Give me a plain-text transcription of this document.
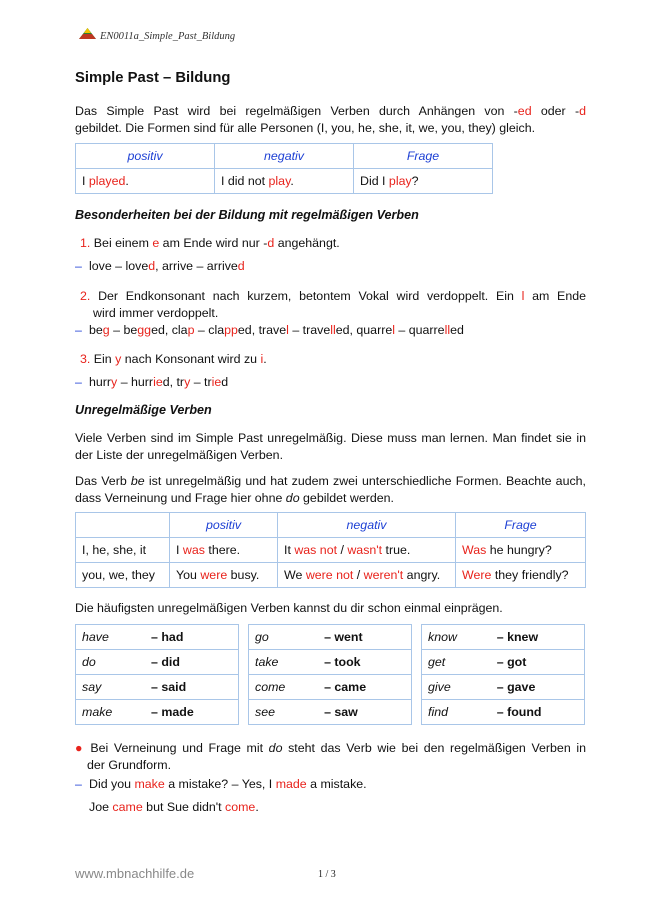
EN0011a_Simple_Past_Bildung
Simple Past – Bildung

Das Simple Past wird bei regelmäßigen Verben durch Anhängen von -ed oder -d

gebildet. Die Formen sind für alle Personen (I, you, he, she, it, we, you, they) gleich.

positiv	negativ	Frage
I played.	I did not play.	Did I play?
Besonderheiten bei der Bildung mit regelmäßigen Verben
1. Bei einem e am Ende wird nur -d angehängt.
– love – loved, arrive – arrived

2. Der Endkonsonant nach kurzem, betontem Vokal wird verdoppelt. Ein l am Ende

wird immer verdoppelt.

– beg – begged, clap – clapped, travel – travelled, quarrel – quarrelled
3. Ein y nach Konsonant wird zu i.
– hurry – hurried, try – tried
Unregelmäßige Verben

Viele Verben sind im Simple Past unregelmäßig. Diese muss man lernen. Man findet sie in der Liste der unregelmäßigen Verben.

Das Verb be ist unregelmäßig und hat zudem zwei unterschiedliche Formen. Beachte auch, dass Verneinung und Frage hier ohne do gebildet werden.

	positiv	negativ	Frage
I, he, she, it	I was there.	It was not / wasn't true.	Was he hungry?
you, we, they	You were busy.	We were not / weren't angry.	Were they friendly?
Die häufigsten unregelmäßigen Verben kannst du dir schon einmal einprägen.
have	– had
do	– did
say	– said
make	– made
go	– went
take	– took
come	– came
see	– saw
know	– knew
get	– got
give	– gave
find	– found

● Bei Verneinung und Frage mit do steht das Verb wie bei den regelmäßigen Verben in

der Grundform.

– Did you make a mistake? – Yes, I made a mistake.
Joe came but Sue didn't come.
www.mbnachhilfe.de	1 / 3
